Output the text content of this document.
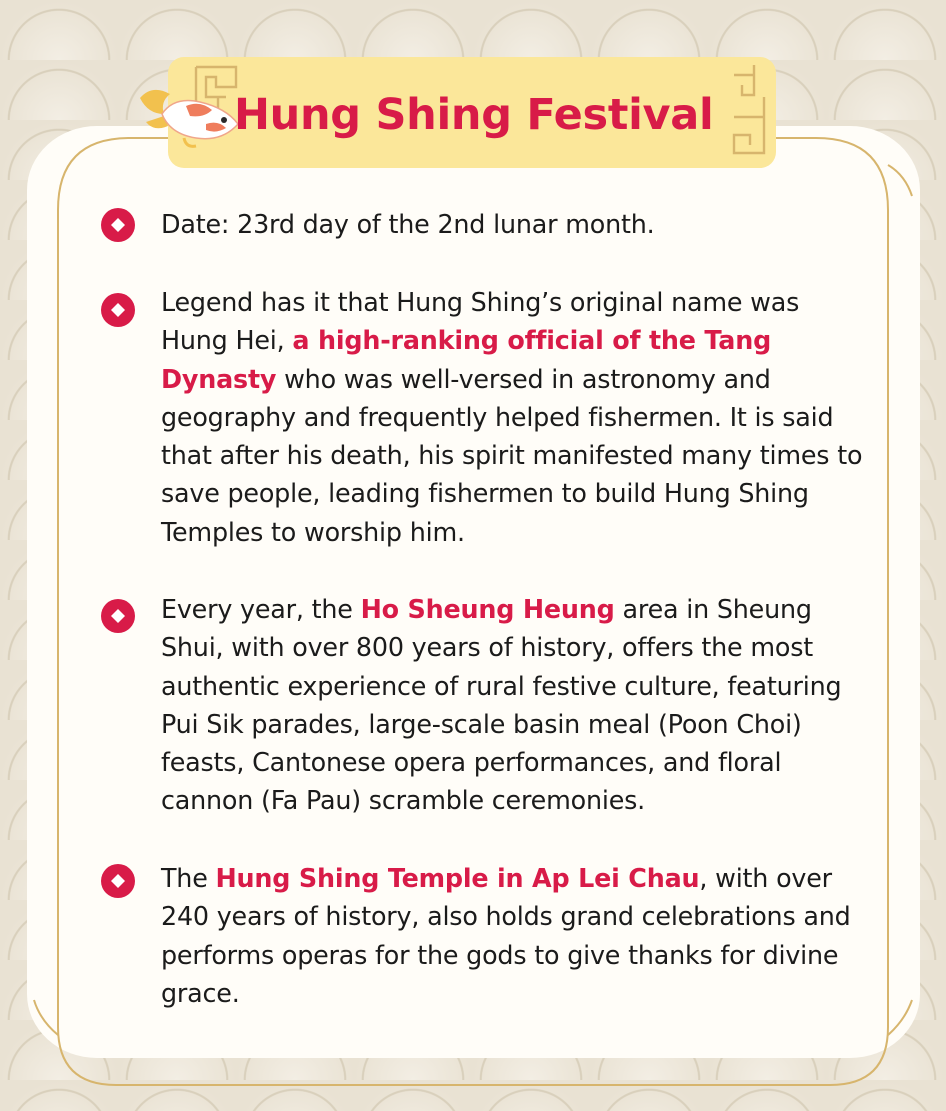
Hung Shing Festival
Date: 23rd day of the 2nd lunar month.
Legend has it that Hung Shing’s original name was Hung Hei, a high-ranking official of the Tang Dynasty who was well-versed in astronomy and geography and frequently helped fishermen. It is said that after his death, his spirit manifested many times to save people, leading fishermen to build Hung Shing Temples to worship him.
Every year, the Ho Sheung Heung area in Sheung Shui, with over 800 years of history, offers the most authentic experience of rural festive culture, featuring Pui Sik parades, large-scale basin meal (Poon Choi) feasts, Cantonese opera performances, and floral cannon (Fa Pau) scramble ceremonies.
The Hung Shing Temple in Ap Lei Chau, with over 240 years of history, also holds grand celebrations and performs operas for the gods to give thanks for divine grace.
